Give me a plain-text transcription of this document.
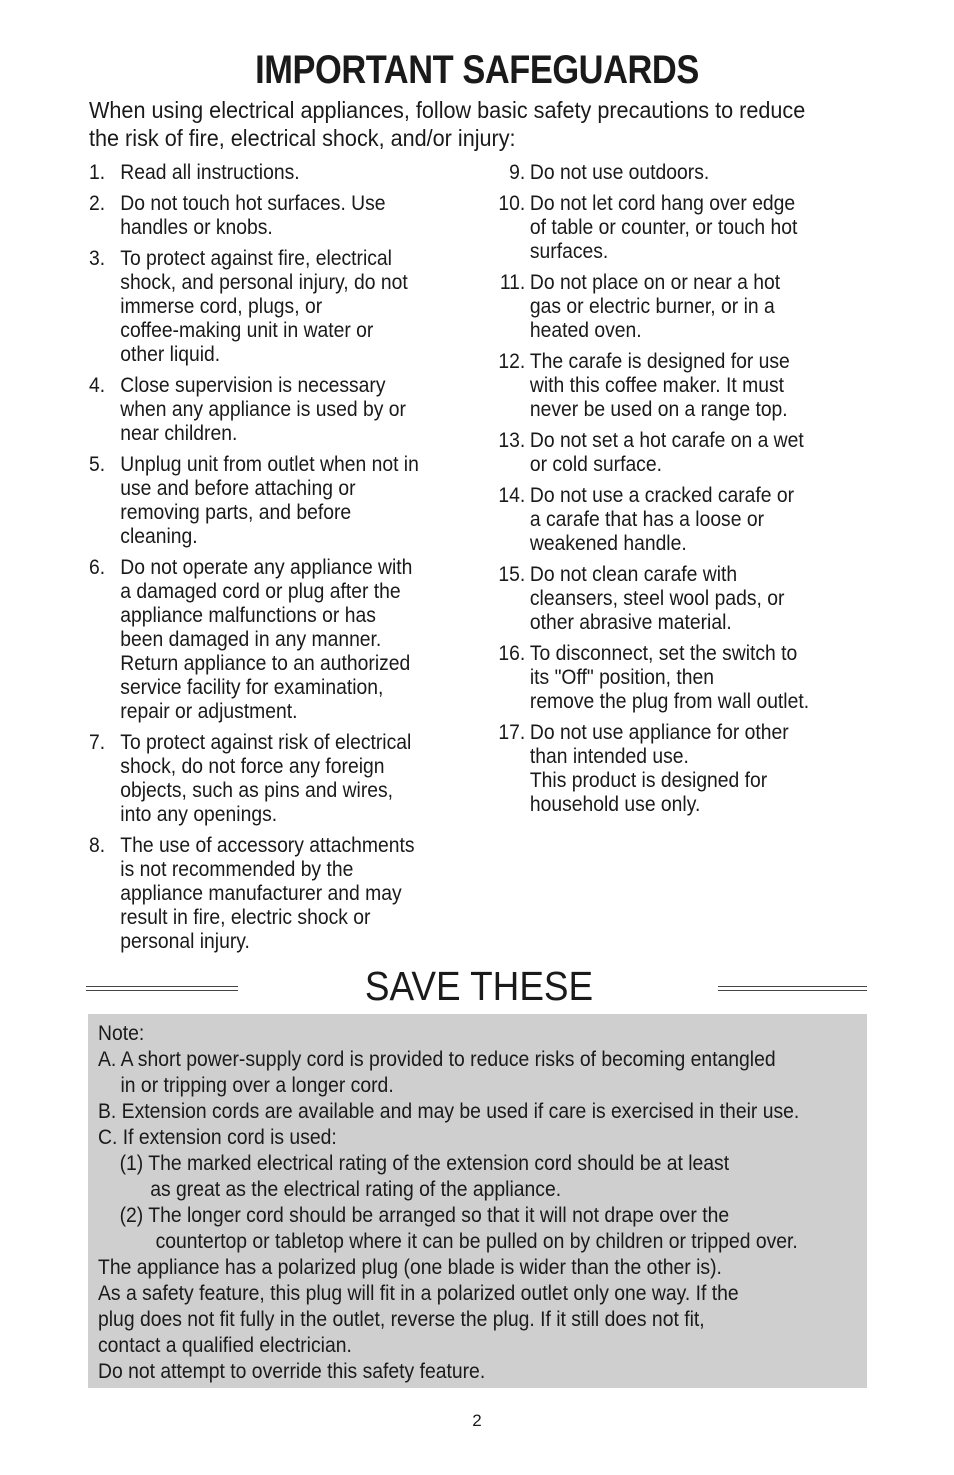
IMPORTANT SAFEGUARDS

When using electrical appliances, follow basic safety precautions to reduce the risk of fire, electrical shock, and/or injury:

1. Read all instructions.
2. Do not touch hot surfaces. Use
handles or knobs.
3. To protect against fire, electrical
shock, and personal injury, do not
immerse cord, plugs, or
coffee-making unit in water or
other liquid.
4. Close supervision is necessary
when any appliance is used by or
near children.
5. Unplug unit from outlet when not in
use and before attaching or
removing parts, and before
cleaning.
6. Do not operate any appliance with
a damaged cord or plug after the
appliance malfunctions or has
been damaged in any manner.
Return appliance to an authorized
service facility for examination,
repair or adjustment.
7. To protect against risk of electrical
shock, do not force any foreign
objects, such as pins and wires,
into any openings.
8. The use of accessory attachments
is not recommended by the
appliance manufacturer and may
result in fire, electric shock or
personal injury.
9. Do not use outdoors.
10. Do not let cord hang over edge
of table or counter, or touch hot
surfaces.
11. Do not place on or near a hot
gas or electric burner, or in a
heated oven.
12. The carafe is designed for use
with this coffee maker. It must
never be used on a range top.
13. Do not set a hot carafe on a wet
or cold surface.
14. Do not use a cracked carafe or
a carafe that has a loose or
weakened handle.
15. Do not clean carafe with
cleansers, steel wool pads, or
other abrasive material.
16. To disconnect, set the switch to
its "Off" position, then
remove the plug from wall outlet.
17. Do not use appliance for other
than intended use.
This product is designed for
household use only.
SAVE THESE
Note:
A. A short power-supply cord is provided to reduce risks of becoming entangled
in or tripping over a longer cord.
B. Extension cords are available and may be used if care is exercised in their use.
C. If extension cord is used:
(1) The marked electrical rating of the extension cord should be at least
as great as the electrical rating of the appliance.
(2) The longer cord should be arranged so that it will not drape over the
countertop or tabletop where it can be pulled on by children or tripped over.
The appliance has a polarized plug (one blade is wider than the other is).
As a safety feature, this plug will fit in a polarized outlet only one way. If the
plug does not fit fully in the outlet, reverse the plug. If it still does not fit,
contact a qualified electrician.
Do not attempt to override this safety feature.
2
